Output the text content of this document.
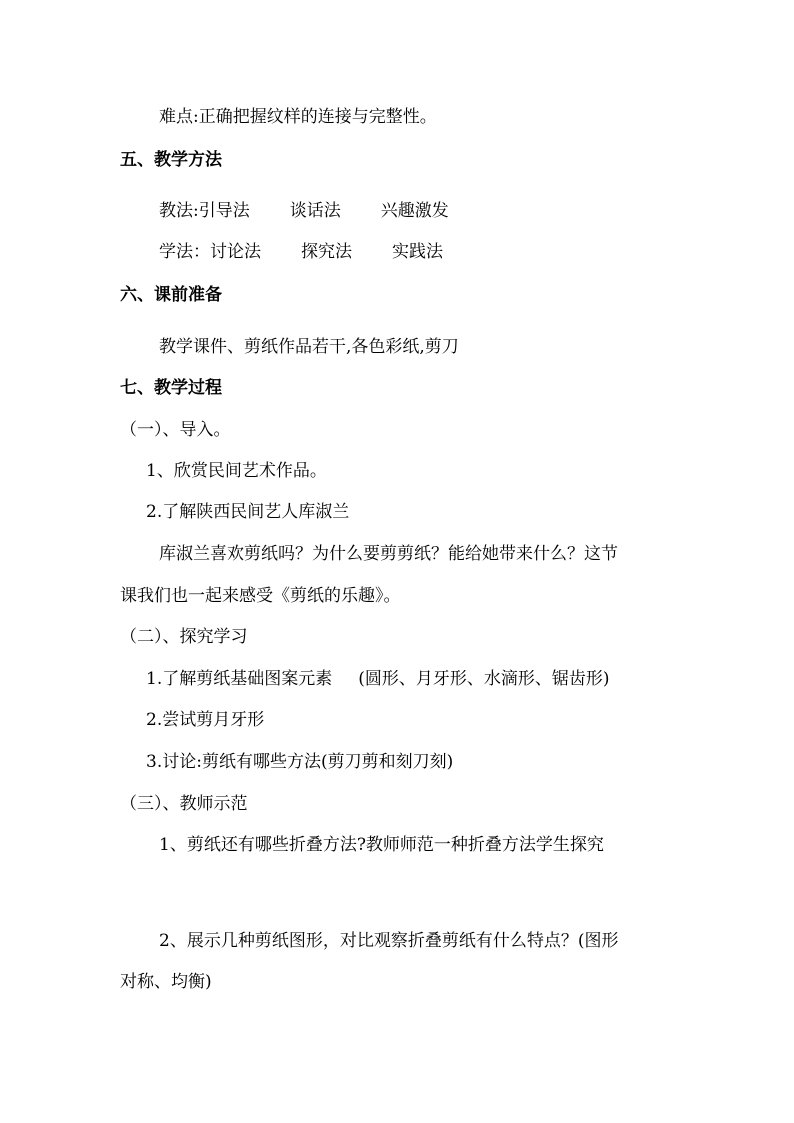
难点:正确把握纹样的连接与完整性。
五、教学方法
教法:引导法 谈话法 兴趣激发
学法：讨论法 探究法 实践法
六、课前准备
教学课件、剪纸作品若干,各色彩纸,剪刀
七、教学过程
（一）、导入。
1、欣赏民间艺术作品。
2.了解陕西民间艺人库淑兰
库淑兰喜欢剪纸吗？为什么要剪剪纸？能给她带来什么？这节
课我们也一起来感受《剪纸的乐趣》。
（二）、探究学习
1.了解剪纸基础图案元素 (圆形、月牙形、水滴形、锯齿形)
2.尝试剪月牙形
3.讨论:剪纸有哪些方法(剪刀剪和刻刀刻)
（三）、教师示范
1、剪纸还有哪些折叠方法?教师师范一种折叠方法学生探究
2、展示几种剪纸图形，对比观察折叠剪纸有什么特点？(图形
对称、均衡)
